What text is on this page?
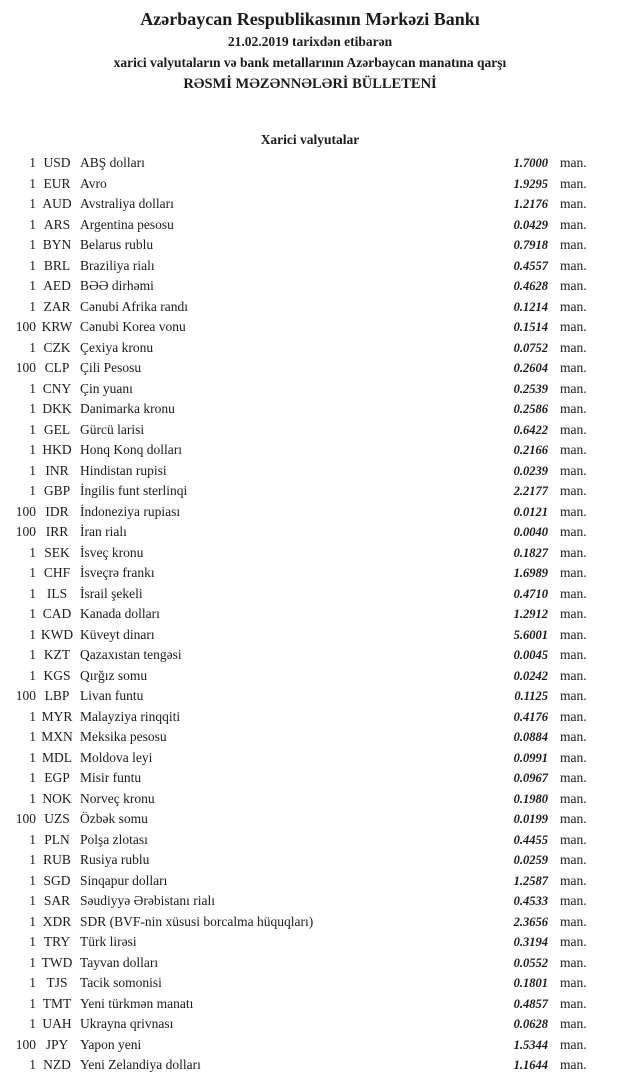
Azərbaycan Respublikasının Mərkəzi Bankı
21.02.2019 tarixdən etibarən
xarici valyutaların və bank metallarının Azərbaycan manatına qarşı
RƏSMİ MƏZƏNNƏLƏRİ BÜLLETENİ
Xarici valyutalar
1 USD ABŞ dolları	1.7000 man.
1 EUR Avro	1.9295 man.
1 AUD Avstraliya dolları	1.2176 man.
1 ARS Argentina pesosu	0.0429 man.
1 BYN Belarus rublu	0.7918 man.
1 BRL Braziliya rialı	0.4557 man.
1 AED BƏƏ dirhəmi	0.4628 man.
1 ZAR Cənubi Afrika randı	0.1214 man.
100 KRW Cənubi Korea vonu	0.1514 man.
1 CZK Çexiya kronu	0.0752 man.
100 CLP Çili Pesosu	0.2604 man.
1 CNY Çin yuanı	0.2539 man.
1 DKK Danimarka kronu	0.2586 man.
1 GEL Gürcü larisi	0.6422 man.
1 HKD Honq Konq dolları	0.2166 man.
1 INR Hindistan rupisi	0.0239 man.
1 GBP İngilis funt sterlinqi	2.2177 man.
100 IDR İndoneziya rupiası	0.0121 man.
100 IRR İran rialı	0.0040 man.
1 SEK İsveç kronu	0.1827 man.
1 CHF İsveçrə frankı	1.6989 man.
1 ILS İsrail şekeli	0.4710 man.
1 CAD Kanada dolları	1.2912 man.
1 KWD Küveyt dinarı	5.6001 man.
1 KZT Qazaxıstan tengəsi	0.0045 man.
1 KGS Qırğız somu	0.0242 man.
100 LBP Livan funtu	0.1125 man.
1 MYR Malayziya rinqqiti	0.4176 man.
1 MXN Meksika pesosu	0.0884 man.
1 MDL Moldova leyi	0.0991 man.
1 EGP Misir funtu	0.0967 man.
1 NOK Norveç kronu	0.1980 man.
100 UZS Özbək somu	0.0199 man.
1 PLN Polşa zlotası	0.4455 man.
1 RUB Rusiya rublu	0.0259 man.
1 SGD Sinqapur dolları	1.2587 man.
1 SAR Səudiyyə Ərəbistanı rialı	0.4533 man.
1 XDR SDR (BVF-nin xüsusi borcalma hüquqları)	2.3656 man.
1 TRY Türk lirəsi	0.3194 man.
1 TWD Tayvan dolları	0.0552 man.
1 TJS Tacik somonisi	0.1801 man.
1 TMT Yeni türkmən manatı	0.4857 man.
1 UAH Ukrayna qrivnası	0.0628 man.
100 JPY Yapon yeni	1.5344 man.
1 NZD Yeni Zelandiya dolları	1.1644 man.
